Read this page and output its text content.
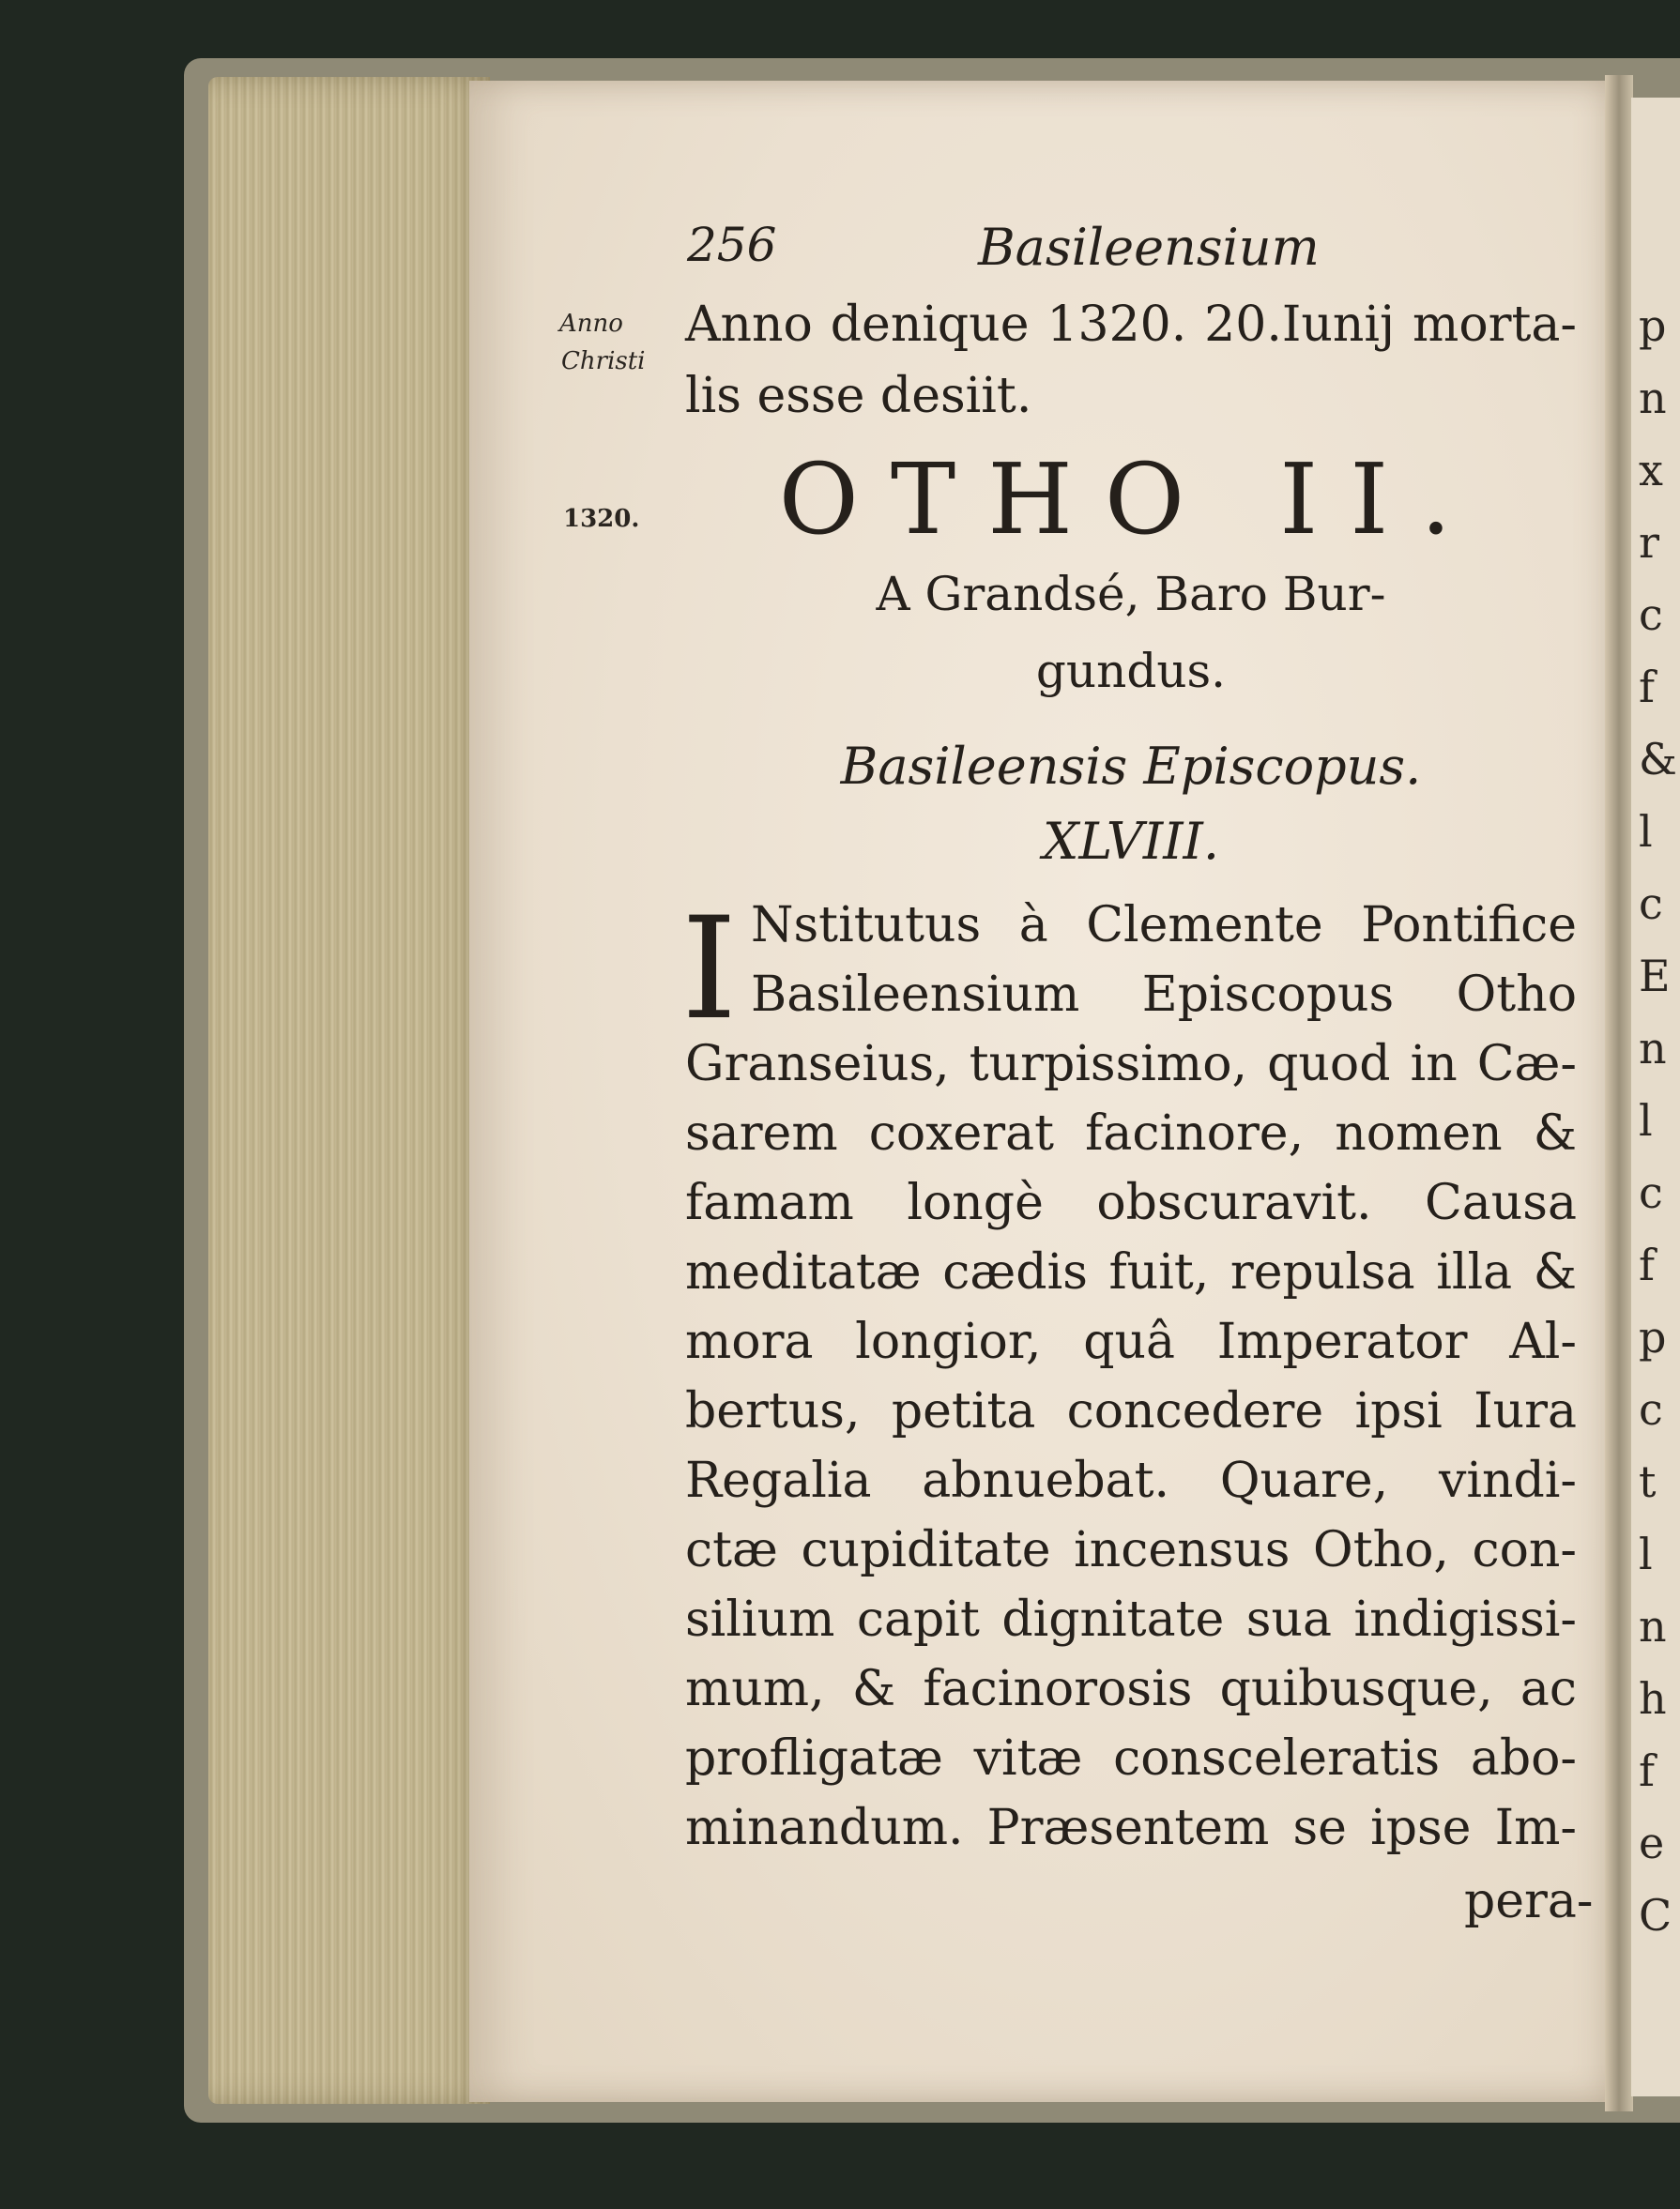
p
n
x
r
c
f
&
l
c
E
n
l
c
f
p
c
t
l
n
h
f
e
C
256	Basileensium
Anno
Christi
1320.
Anno denique 1320. 20.Iunij morta-
lis esse desiit.
OTHO II.
A Grandsé, Baro Bur-
gundus.
Basileensis Episcopus.
XLVIII.
I Nstitutus à Clemente Pontifice
Basileensium Episcopus Otho
Granseius, turpissimo, quod in Cæ-
sarem coxerat facinore, nomen &
famam longè obscuravit. Causa
meditatæ cædis fuit, repulsa illa &
mora longior, quâ Imperator Al-
bertus, petita concedere ipsi Iura
Regalia abnuebat. Quare, vindi-
ctæ cupiditate incensus Otho, con-
silium capit dignitate sua indigissi-
mum, & facinorosis quibusque, ac
profligatæ vitæ consceleratis abo-
minandum. Præsentem se ipse Im-
pera-
